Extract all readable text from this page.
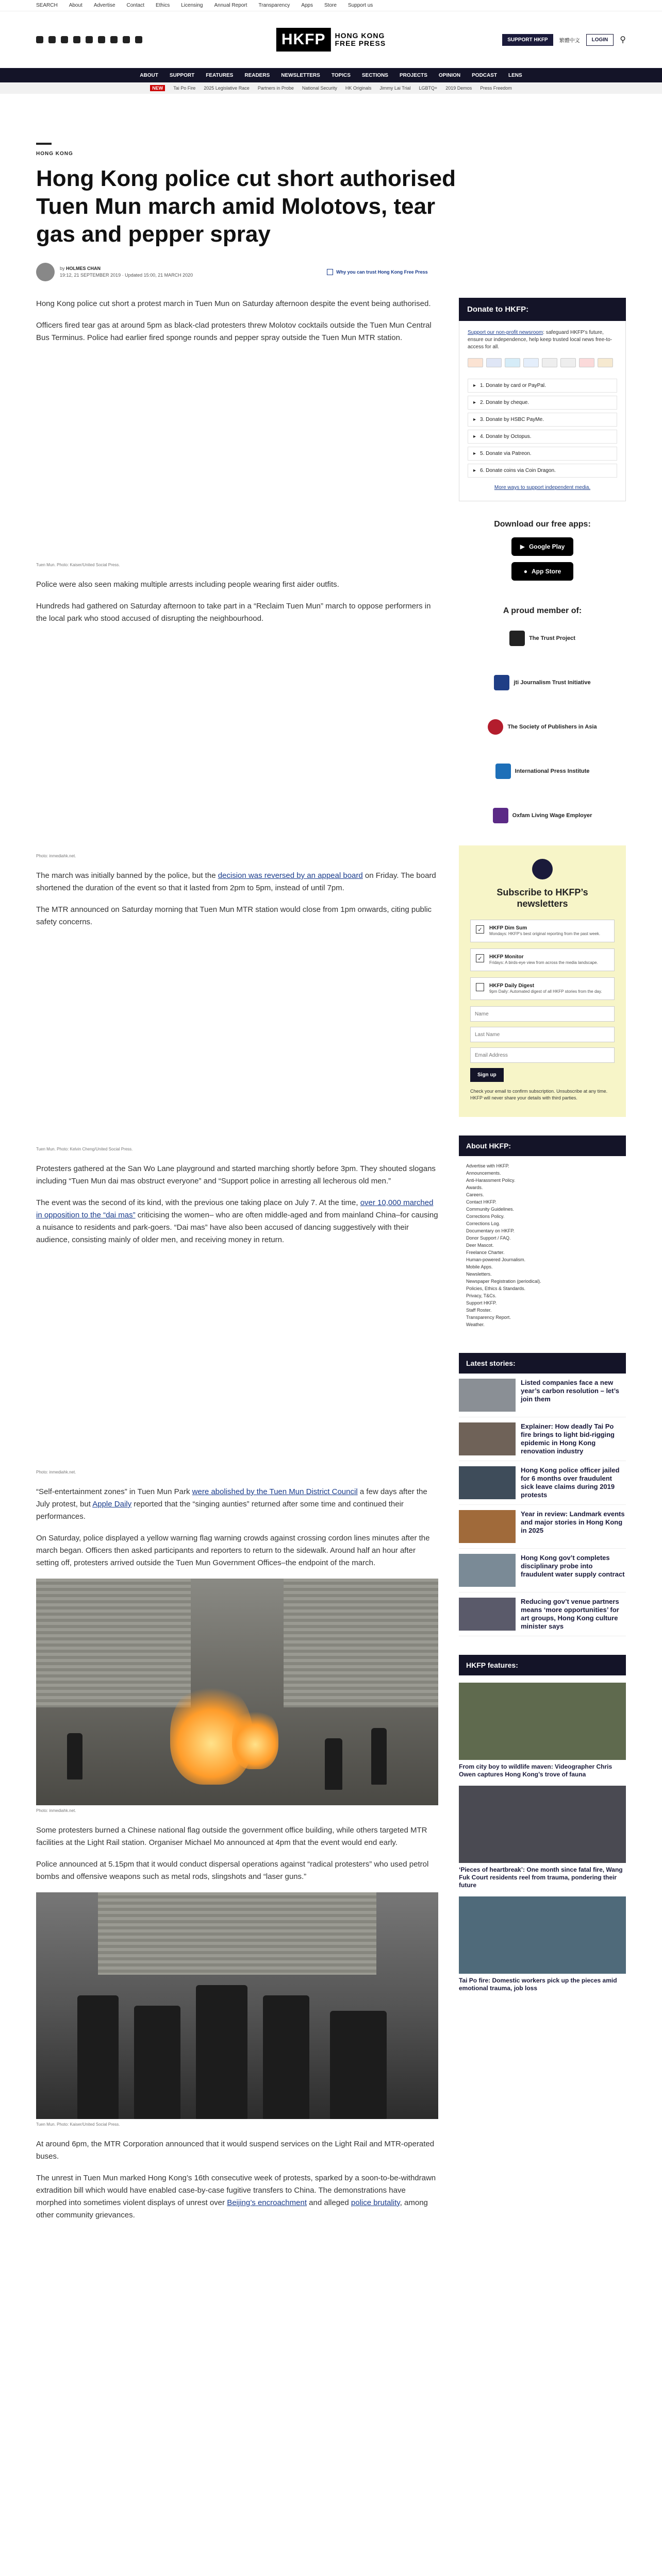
SEARCH About Advertise Contact Ethics Licensing Annual Report Transparency Apps Store Support us
HKFP	HONG KONG
FREE PRESS	SUPPORT HKFP	繁體中文	LOGIN	⚲
ABOUT SUPPORT FEATURES READERS NEWSLETTERS TOPICS SECTIONS PROJECTS OPINION PODCAST LENS
NEW	Tai Po Fire 2025 Legislative Race Partners in Probe National Security HK Originals Jimmy Lai Trial LGBTQ+ 2019 Demos Press Freedom
HONG KONG
Hong Kong police cut short authorised Tuen Mun march amid Molotovs, tear gas and pepper spray
by HOLMES CHAN
19:12, 21 SEPTEMBER 2019 · Updated 15:00, 21 MARCH 2020
Why you can trust Hong Kong Free Press

Hong Kong police cut short a protest march in Tuen Mun on Saturday afternoon despite the event being authorised.

Officers fired tear gas at around 5pm as black-clad protesters threw Molotov cocktails outside the Tuen Mun Central Bus Terminus. Police had earlier fired sponge rounds and pepper spray outside the Tuen Mun MTR station.

Tuen Mun. Photo: Kaiser/United Social Press.

Police were also seen making multiple arrests including people wearing first aider outfits.

Hundreds had gathered on Saturday afternoon to take part in a “Reclaim Tuen Mun” march to oppose performers in the local park who stood accused of disrupting the neighbourhood.

Photo: inmediahk.net.

The march was initially banned by the police, but the decision was reversed by an appeal board on Friday. The board shortened the duration of the event so that it lasted from 2pm to 5pm, instead of until 7pm.

The MTR announced on Saturday morning that Tuen Mun MTR station would close from 1pm onwards, citing public safety concerns.

Tuen Mun. Photo: Kelvin Cheng/United Social Press.

Protesters gathered at the San Wo Lane playground and started marching shortly before 3pm. They shouted slogans including “Tuen Mun dai mas obstruct everyone” and “Support police in arresting all lecherous old men.”

The event was the second of its kind, with the previous one taking place on July 7. At the time, over 10,000 marched in opposition to the “dai mas” criticising the women– who are often middle-aged and from mainland China–for causing a nuisance to residents and park-goers. “Dai mas” have also been accused of dancing suggestively with their audience, consisting mainly of older men, and receiving money in return.

Photo: inmediahk.net.

“Self-entertainment zones” in Tuen Mun Park were abolished by the Tuen Mun District Council a few days after the July protest, but Apple Daily reported that the “singing aunties” returned after some time and continued their performances.

On Saturday, police displayed a yellow warning flag warning crowds against crossing cordon lines minutes after the march began. Officers then asked participants and reporters to return to the sidewalk. Around half an hour after setting off, protesters arrived outside the Tuen Mun Government Offices–the endpoint of the march.

Photo: inmediahk.net.

Some protesters burned a Chinese national flag outside the government office building, while others targeted MTR facilities at the Light Rail station. Organiser Michael Mo announced at 4pm that the event would end early.

Police announced at 5.15pm that it would conduct dispersal operations against “radical protesters” who used petrol bombs and offensive weapons such as metal rods, slingshots and “laser guns.”

Tuen Mun. Photo: Kaiser/United Social Press.

At around 6pm, the MTR Corporation announced that it would suspend services on the Light Rail and MTR-operated buses.

The unrest in Tuen Mun marked Hong Kong’s 16th consecutive week of protests, sparked by a soon-to-be-withdrawn extradition bill which would have enabled case-by-case fugitive transfers to China. The demonstrations have morphed into sometimes violent displays of unrest over Beijing’s encroachment and alleged police brutality, among other community grievances.

Donate to HKFP:
Support our non-profit newsroom: safeguard HKFP’s future, ensure our independence, help keep trusted local news free-to-access for all.
▸ 1. Donate by card or PayPal.
▸ 2. Donate by cheque.
▸ 3. Donate by HSBC PayMe.
▸ 4. Donate by Octopus.
▸ 5. Donate via Patreon.
▸ 6. Donate coins via Coin Dragon.
More ways to support independent media.
Download our free apps:
▶ Google Play
● App Store
A proud member of:
The Trust Project
jti Journalism Trust Initiative
The Society of Publishers in Asia
International Press Institute
Oxfam Living Wage Employer
Subscribe to HKFP’s newsletters
✓	HKFP Dim Sum
Mondays: HKFP’s best original reporting from the past week.
✓	HKFP Monitor
Fridays: A birds-eye view from across the media landscape.
HKFP Daily Digest
9pm Daily: Automated digest of all HKFP stories from the day.
Name Last Name Email Address Sign up
Check your email to confirm subscription. Unsubscribe at any time. HKFP will never share your details with third parties.
About HKFP:
Advertise with HKFP.
Announcements.
Anti-Harassment Policy.
Awards.
Careers.
Contact HKFP.
Community Guidelines.
Corrections Policy.
Corrections Log.
Documentary on HKFP.
Donor Support / FAQ.
Deer Mascot.
Freelance Charter.
Human-powered Journalism.
Mobile Apps.
Newsletters.
Newspaper Registration (periodical).
Policies, Ethics & Standards.
Privacy, T&Cs.
Support HKFP.
Staff Roster.
Transparency Report.
Weather.
Latest stories:
Listed companies face a new year’s carbon resolution – let’s join them
Explainer: How deadly Tai Po fire brings to light bid-rigging epidemic in Hong Kong renovation industry
Hong Kong police officer jailed for 6 months over fraudulent sick leave claims during 2019 protests
Year in review: Landmark events and major stories in Hong Kong in 2025
Hong Kong gov’t completes disciplinary probe into fraudulent water supply contract
Reducing gov’t venue partners means ‘more opportunities’ for art groups, Hong Kong culture minister says
HKFP features:
From city boy to wildlife maven: Videographer Chris Owen captures Hong Kong’s trove of fauna
‘Pieces of heartbreak’: One month since fatal fire, Wang Fuk Court residents reel from trauma, pondering their future
Tai Po fire: Domestic workers pick up the pieces amid emotional trauma, job loss
